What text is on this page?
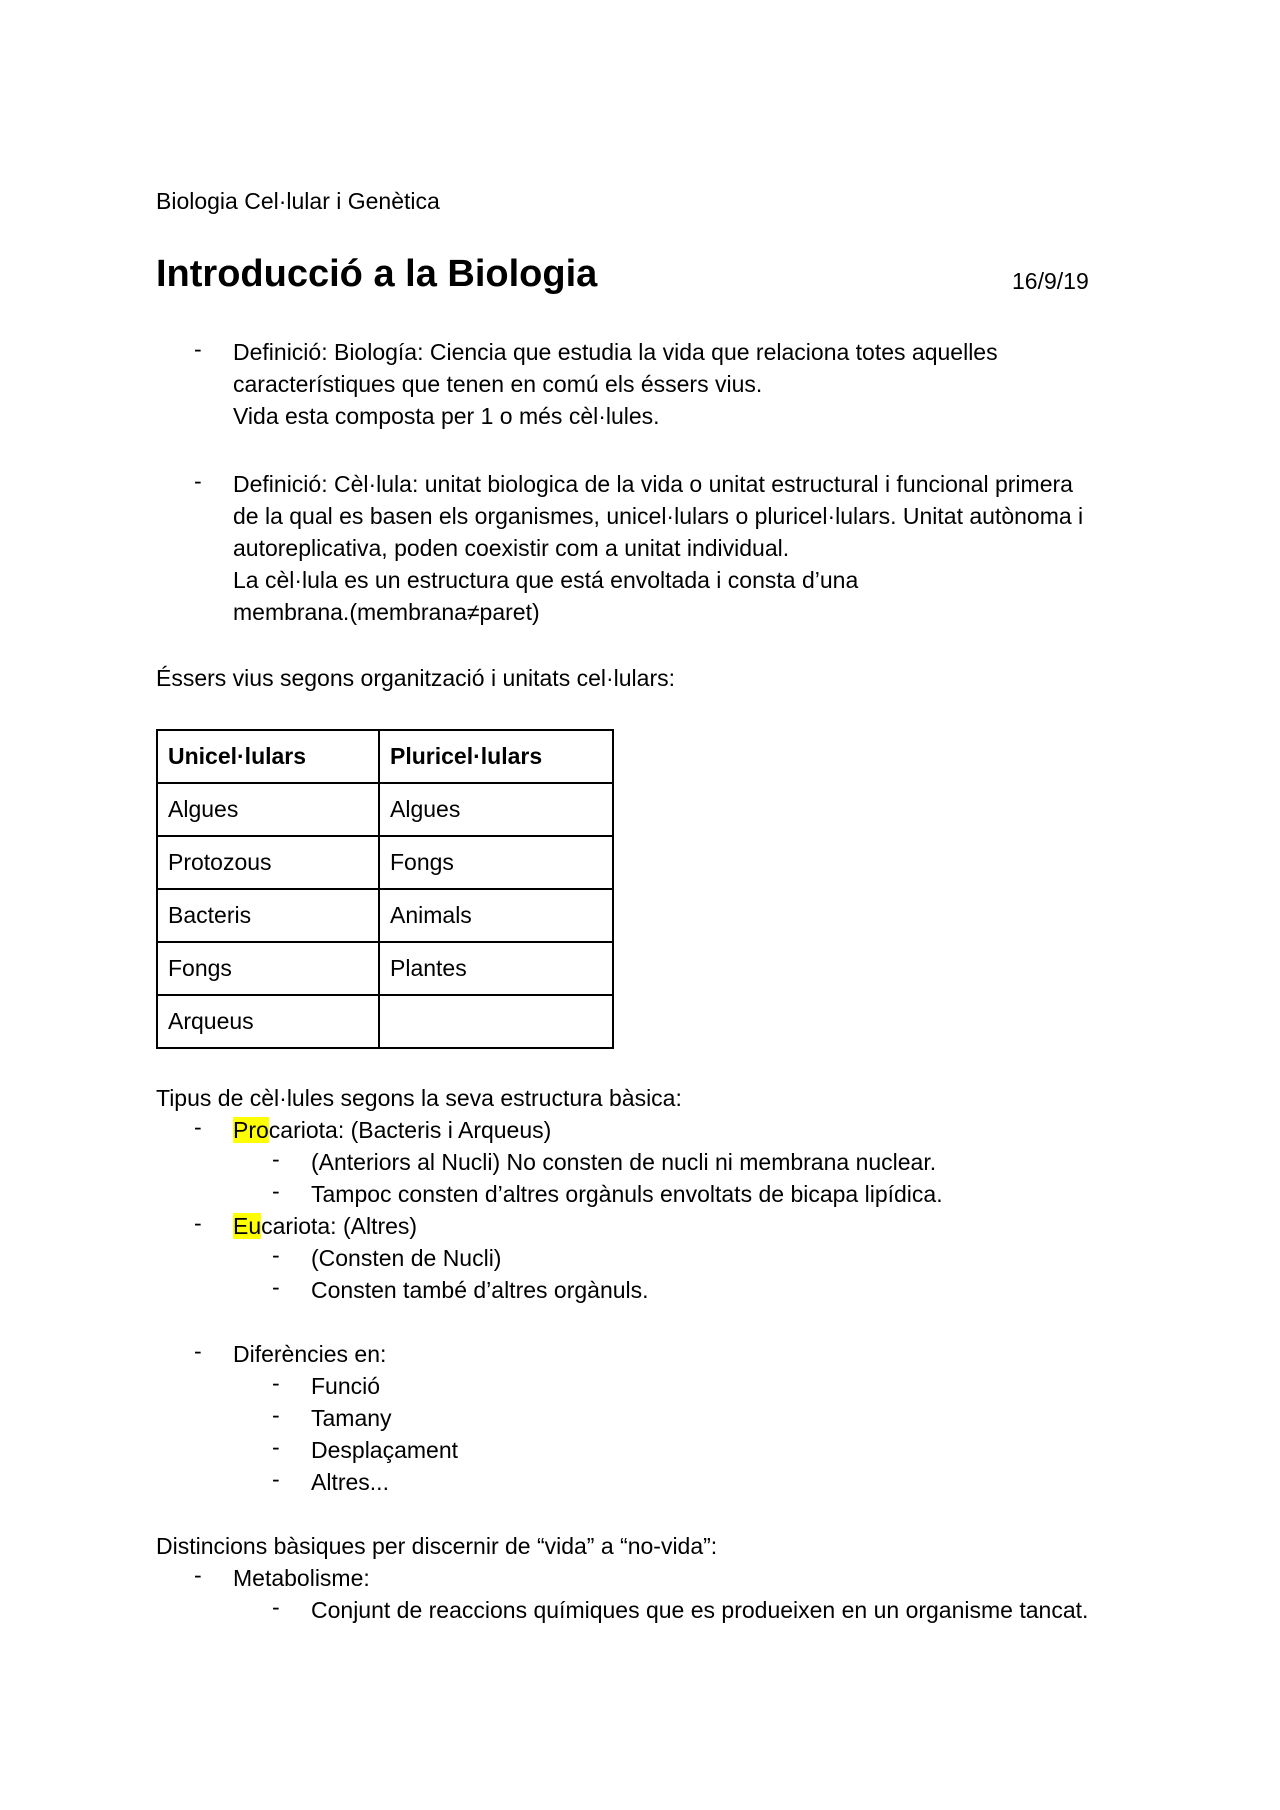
Biologia Cel·lular i Genètica
Introducció a la Biologia	16/9/19
- Definició: Biología: Ciencia que estudia la vida que relaciona totes aquelles
característiques que tenen en comú els éssers vius.
Vida esta composta per 1 o més cèl·lules.
- Definició: Cèl·lula: unitat biologica de la vida o unitat estructural i funcional primera
de la qual es basen els organismes, unicel·lulars o pluricel·lulars. Unitat autònoma i
autoreplicativa, poden coexistir com a unitat individual.
La cèl·lula es un estructura que está envoltada i consta d’una
membrana.(membrana≠paret)
Éssers vius segons organització i unitats cel·lulars:
Unicel·lulars	Pluricel·lulars
Algues	Algues
Protozous	Fongs
Bacteris	Animals
Fongs	Plantes
Arqueus	
Tipus de cèl·lules segons la seva estructura bàsica:
- Procariota: (Bacteris i Arqueus)
- (Anteriors al Nucli) No consten de nucli ni membrana nuclear.
- Tampoc consten d’altres orgànuls envoltats de bicapa lipídica.
- Eucariota: (Altres)
- (Consten de Nucli)
- Consten també d’altres orgànuls.
- Diferències en:
- Funció
- Tamany
- Desplaçament
- Altres...
Distincions bàsiques per discernir de “vida” a “no-vida”:
- Metabolisme:
- Conjunt de reaccions químiques que es produeixen en un organisme tancat.
